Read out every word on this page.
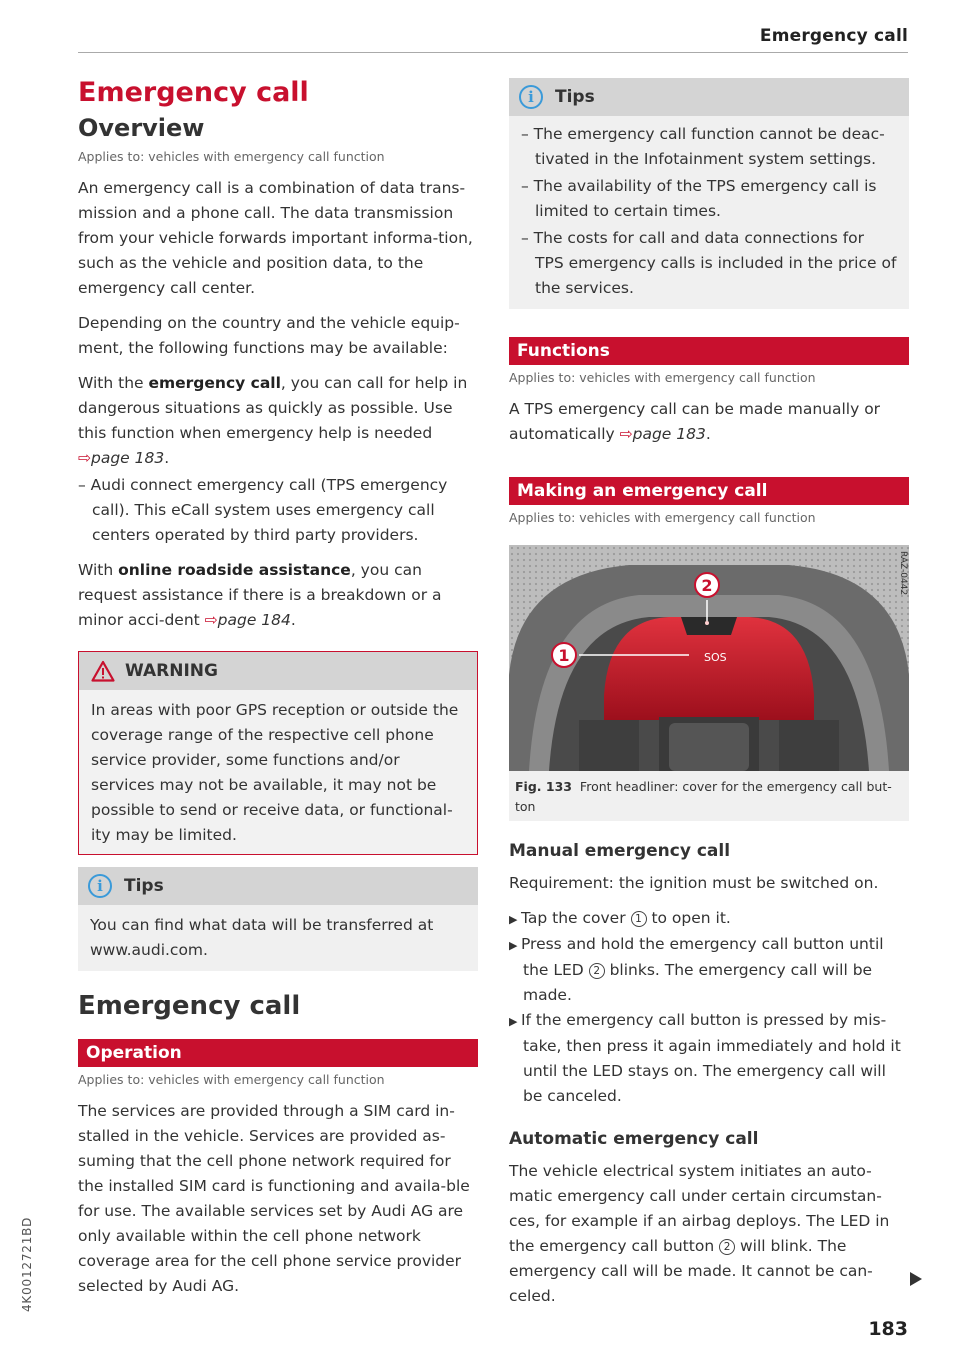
Emergency call
Emergency call
Overview
Applies to: vehicles with emergency call function

An emergency call is a combination of data trans-mission and a phone call. The data transmission from your vehicle forwards important informa-tion, such as the vehicle and position data, to the emergency call center.

Depending on the country and the vehicle equip-ment, the following functions may be available:

With the emergency call, you can call for help in dangerous situations as quickly as possible. Use this function when emergency help is needed ⇨page 183.

– Audi connect emergency call (TPS emergency call). This eCall system uses emergency call centers operated by third party providers.

With online roadside assistance, you can request assistance if there is a breakdown or a minor acci-dent ⇨page 184.

WARNING

In areas with poor GPS reception or outside the coverage range of the respective cell phone service provider, some functions and/or services may not be available, it may not be possible to send or receive data, or functional-ity may be limited.

i	Tips

You can find what data will be transferred at www.audi.com.

Emergency call
Operation
Applies to: vehicles with emergency call function

The services are provided through a SIM card in-stalled in the vehicle. Services are provided as-suming that the cell phone network required for the installed SIM card is functioning and availa-ble for use. The available services set by Audi AG are only available within the cell phone network coverage area for the cell phone service provider selected by Audi AG.

i	Tips
– The emergency call function cannot be deac-tivated in the Infotainment system settings.
– The availability of the TPS emergency call is limited to certain times.
– The costs for call and data connections for TPS emergency calls is included in the price of the services.
Functions
Applies to: vehicles with emergency call function

A TPS emergency call can be made manually or automatically ⇨page 183.

Making an emergency call
Applies to: vehicles with emergency call function
2
1	SOS
RAZ-0442
Fig. 133 Front headliner: cover for the emergency call but-ton
Manual emergency call

Requirement: the ignition must be switched on.

▶ Tap the cover 1 to open it.
▶ Press and hold the emergency call button until the LED 2 blinks. The emergency call will be made.
▶ If the emergency call button is pressed by mis-take, then press it again immediately and hold it until the LED stays on. The emergency call will be canceled.
Automatic emergency call

The vehicle electrical system initiates an auto-matic emergency call under certain circumstan-ces, for example if an airbag deploys. The LED in the emergency call button 2 will blink. The emergency call will be made. It cannot be can-celed.

183
4K0012721BD
